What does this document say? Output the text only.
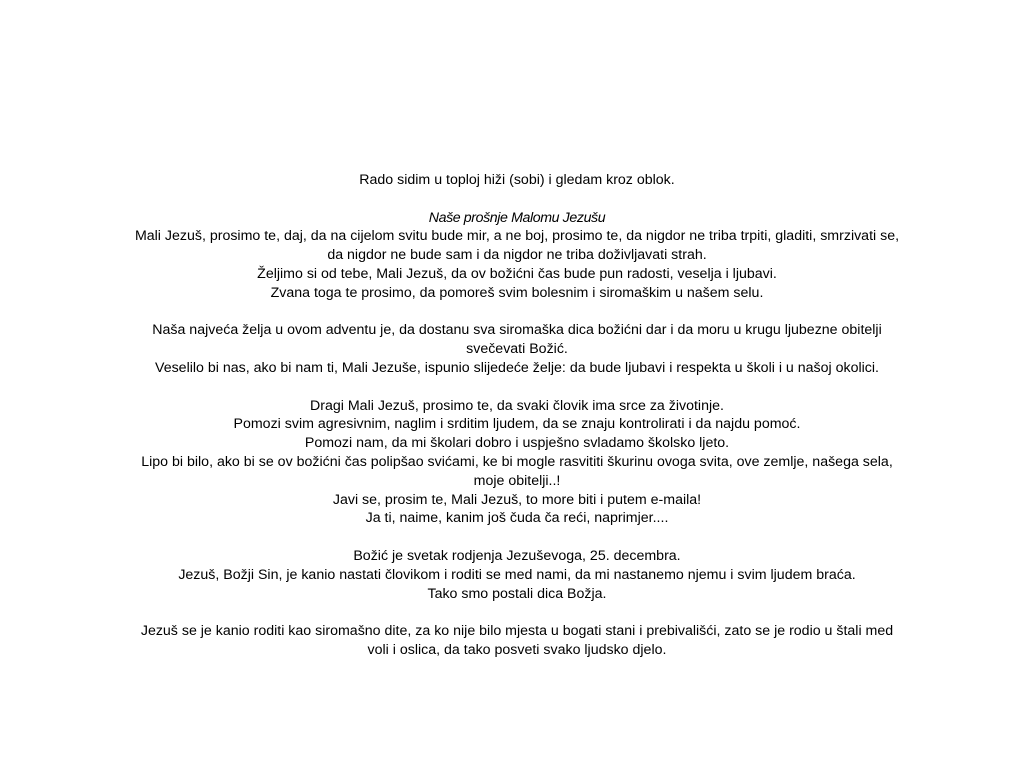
Rado sidim u toploj hiži (sobi) i gledam kroz oblok.

Naše prošnje Malomu Jezušu

Mali Jezuš, prosimo te, daj, da na cijelom svitu bude mir, a ne boj, prosimo te, da nigdor ne triba trpiti, gladiti, smrzivati se, da nigdor ne bude sam i da nigdor ne triba doživljavati strah.

Željimo si od tebe, Mali Jezuš, da ov božićni čas bude pun radosti, veselja i ljubavi.

Zvana toga te prosimo, da pomoreš svim bolesnim i siromaškim u našem selu.

Naša najveća želja u ovom adventu je, da dostanu sva siromaška dica božićni dar i da moru u krugu ljubezne obitelji svečevati Božić.

Veselilo bi nas, ako bi nam ti, Mali Jezuše, ispunio slijedeće želje: da bude ljubavi i respekta u školi i u našoj okolici.

Dragi Mali Jezuš, prosimo te, da svaki človik ima srce za životinje.

Pomozi svim agresivnim, naglim i srditim ljudem, da se znaju kontrolirati i da najdu pomoć.

Pomozi nam, da mi školari dobro i uspješno svladamo školsko ljeto.

Lipo bi bilo, ako bi se ov božićni čas polipšao svićami, ke bi mogle rasvititi škurinu ovoga svita, ove zemlje, našega sela, moje obitelji..!

Javi se, prosim te, Mali Jezuš, to more biti i putem e-maila!

Ja ti, naime, kanim još čuda ča reći, naprimjer....

Božić je svetak rodjenja Jezuševoga, 25. decembra.

Jezuš, Božji Sin, je kanio nastati človikom i roditi se med nami, da mi nastanemo njemu i svim ljudem braća.

Tako smo postali dica Božja.

Jezuš se je kanio roditi kao siromašno dite, za ko nije bilo mjesta u bogati stani i prebivališći, zato se je rodio u štali med voli i oslica, da tako posveti svako ljudsko djelo.
